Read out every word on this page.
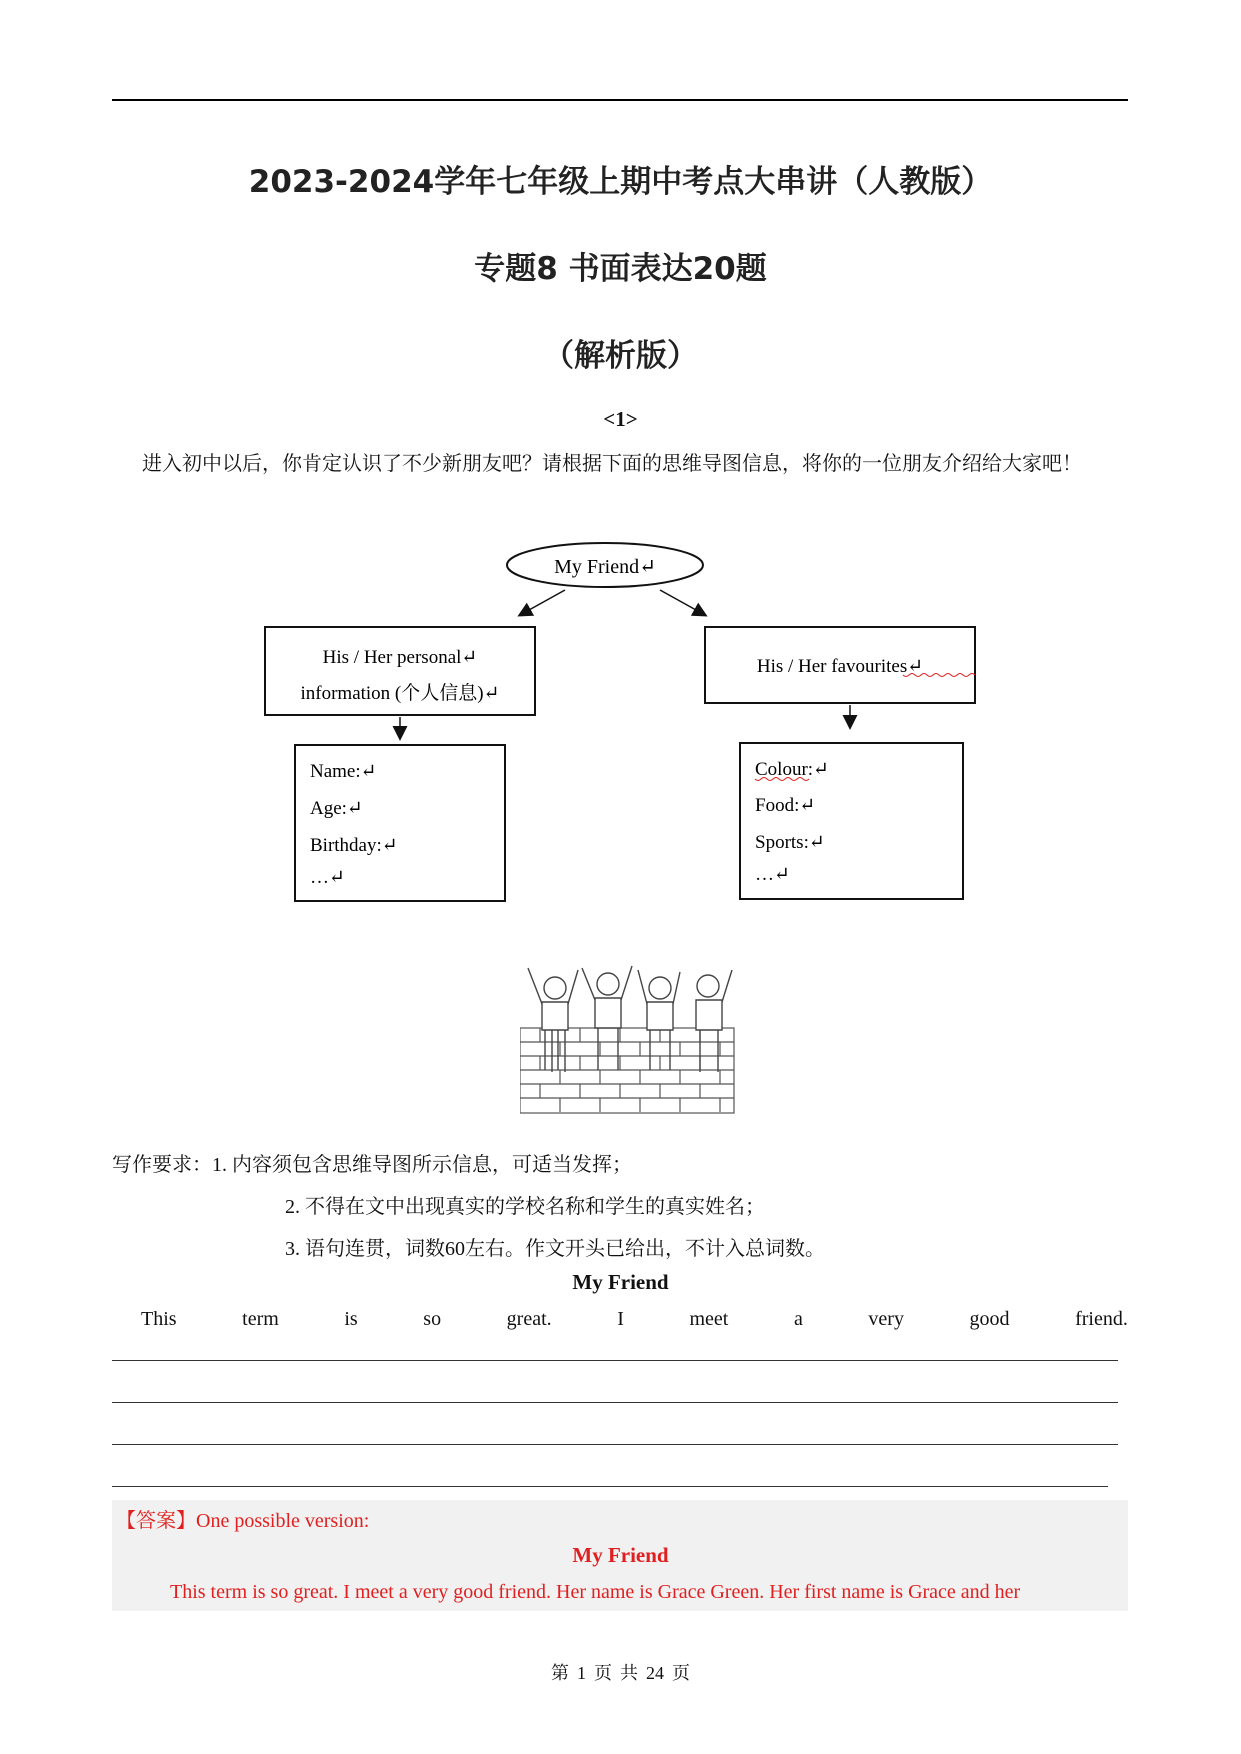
2023-2024学年七年级上期中考点大串讲（人教版）
专题8 书面表达20题
（解析版）
<1>
进入初中以后，你肯定认识了不少新朋友吧？请根据下面的思维导图信息，将你的一位朋友介绍给大家吧！
My Friend↵
His / Her personal↵
information (个人信息)↵
His / Her favourites↵
Name:↵
Age:↵
Birthday:↵
…↵
Colour:↵
Food:↵
Sports:↵
…↵
写作要求：1. 内容须包含思维导图所示信息，可适当发挥；
2. 不得在文中出现真实的学校名称和学生的真实姓名；
3. 语句连贯，词数60左右。作文开头已给出，不计入总词数。
My Friend
This	term	is	so	great.	I	meet	a	very	good	friend.
【答案】One possible version:
My Friend
This term is so great. I meet a very good friend. Her name is Grace Green. Her first name is Grace and her
第 1 页 共 24 页
